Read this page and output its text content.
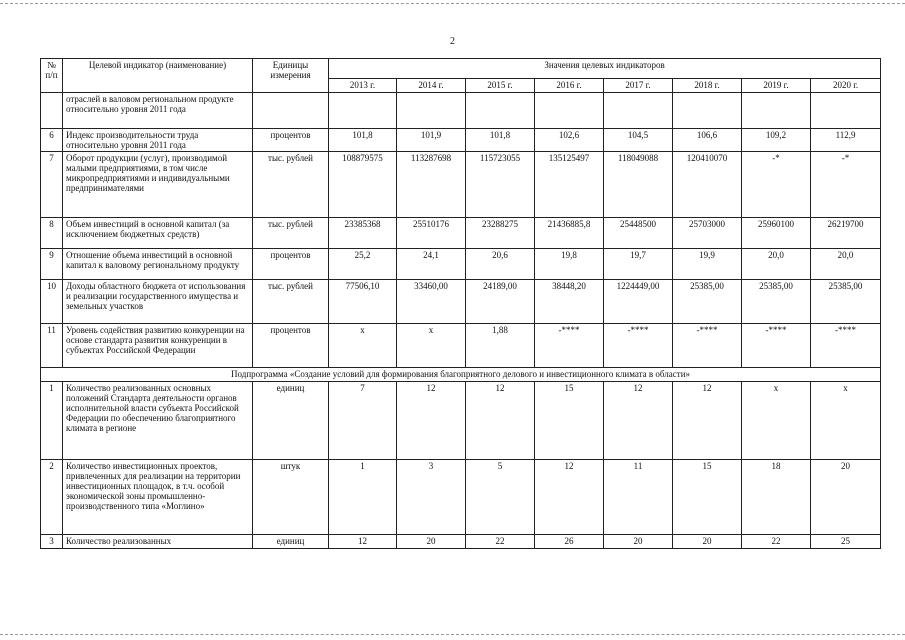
2
№ п/п	Целевой индикатор (наименование)	Единицы измерения	Значения целевых индикаторов							
			2013 г.	2014 г.	2015 г.	2016 г.	2017 г.	2018 г.	2019 г.	2020 г.
	отраслей в валовом региональном продукте относительно уровня 2011 года									
6	Индекс производительности труда относительно уровня 2011 года	процентов	101,8	101,9	101,8	102,6	104,5	106,6	109,2	112,9
7	Оборот продукции (услуг), производимой малыми предприятиями, в том числе микропредприятиями и индивидуальными предпринимателями	тыс. рублей	108879575	113287698	115723055	135125497	118049088	120410070	-*	-*
8	Объем инвестиций в основной капитал (за исключением бюджетных средств)	тыс. рублей	23385368	25510176	23288275	21436885,8	25448500	25703000	25960100	26219700
9	Отношение объема инвестиций в основной капитал к валовому региональному продукту	процентов	25,2	24,1	20,6	19,8	19,7	19,9	20,0	20,0
10	Доходы областного бюджета от использования и реализации государственного имущества и земельных участков	тыс. рублей	77506,10	33460,00	24189,00	38448,20	1224449,00	25385,00	25385,00	25385,00
11	Уровень содействия развитию конкуренции на основе стандарта развития конкуренции в субъектах Российской Федерации	процентов	х	х	1,88	-****	-****	-****	-****	-****
Подпрограмма «Создание условий для формирования благоприятного делового и инвестиционного климата в области»										
1	Количество реализованных основных положений Стандарта деятельности органов исполнительной власти субъекта Российской Федерации по обеспечению благоприятного климата в регионе	единиц	7	12	12	15	12	12	х	х
2	Количество инвестиционных проектов, привлеченных для реализации на территории инвестиционных площадок, в т.ч. особой экономической зоны промышленно-производственного типа «Моглино»	штук	1	3	5	12	11	15	18	20
3	Количество реализованных	единиц	12	20	22	26	20	20	22	25
